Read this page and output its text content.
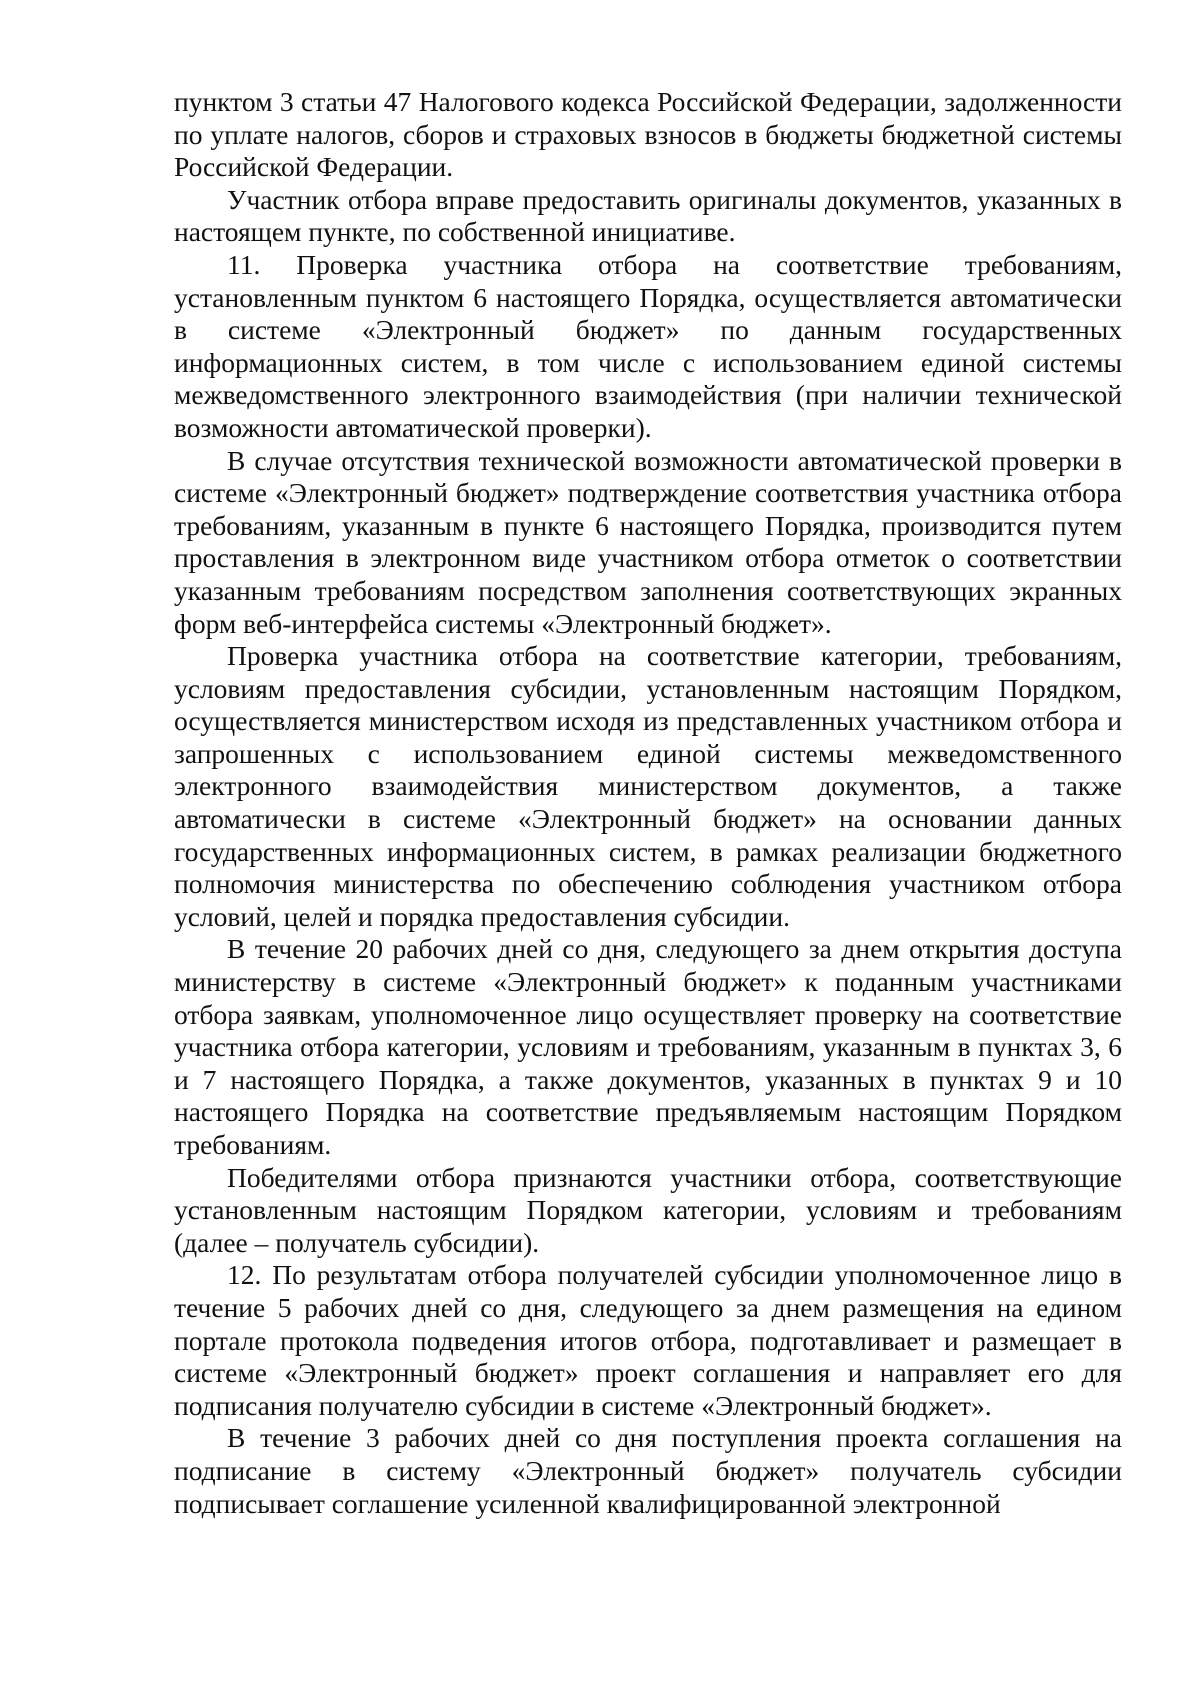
пунктом 3 статьи 47 Налогового кодекса Российской Федерации, задолженности по уплате налогов, сборов и страховых взносов в бюджеты бюджетной системы Российской Федерации.

Участник отбора вправе предоставить оригиналы документов, указанных в настоящем пункте, по собственной инициативе.

11. Проверка участника отбора на соответствие требованиям, установленным пунктом 6 настоящего Порядка, осуществляется автоматически в системе «Электронный бюджет» по данным государственных информационных систем, в том числе с использованием единой системы межведомственного электронного взаимодействия (при наличии технической возможности автоматической проверки).

В случае отсутствия технической возможности автоматической проверки в системе «Электронный бюджет» подтверждение соответствия участника отбора требованиям, указанным в пункте 6 настоящего Порядка, производится путем проставления в электронном виде участником отбора отметок о соответствии указанным требованиям посредством заполнения соответствующих экранных форм веб-интерфейса системы «Электронный бюджет».

Проверка участника отбора на соответствие категории, требованиям, условиям предоставления субсидии, установленным настоящим Порядком, осуществляется министерством исходя из представленных участником отбора и запрошенных с использованием единой системы межведомственного электронного взаимодействия министерством документов, а также автоматически в системе «Электронный бюджет» на основании данных государственных информационных систем, в рамках реализации бюджетного полномочия министерства по обеспечению соблюдения участником отбора условий, целей и порядка предоставления субсидии.

В течение 20 рабочих дней со дня, следующего за днем открытия доступа министерству в системе «Электронный бюджет» к поданным участниками отбора заявкам, уполномоченное лицо осуществляет проверку на соответствие участника отбора категории, условиям и требованиям, указанным в пунктах 3, 6 и 7 настоящего Порядка, а также документов, указанных в пунктах 9 и 10 настоящего Порядка на соответствие предъявляемым настоящим Порядком требованиям.

Победителями отбора признаются участники отбора, соответствующие установленным настоящим Порядком категории, условиям и требованиям (далее – получатель субсидии).

12. По результатам отбора получателей субсидии уполномоченное лицо в течение 5 рабочих дней со дня, следующего за днем размещения на едином портале протокола подведения итогов отбора, подготавливает и размещает в системе «Электронный бюджет» проект соглашения и направляет его для подписания получателю субсидии в системе «Электронный бюджет».

В течение 3 рабочих дней со дня поступления проекта соглашения на подписание в систему «Электронный бюджет» получатель субсидии подписывает соглашение усиленной квалифицированной электронной
